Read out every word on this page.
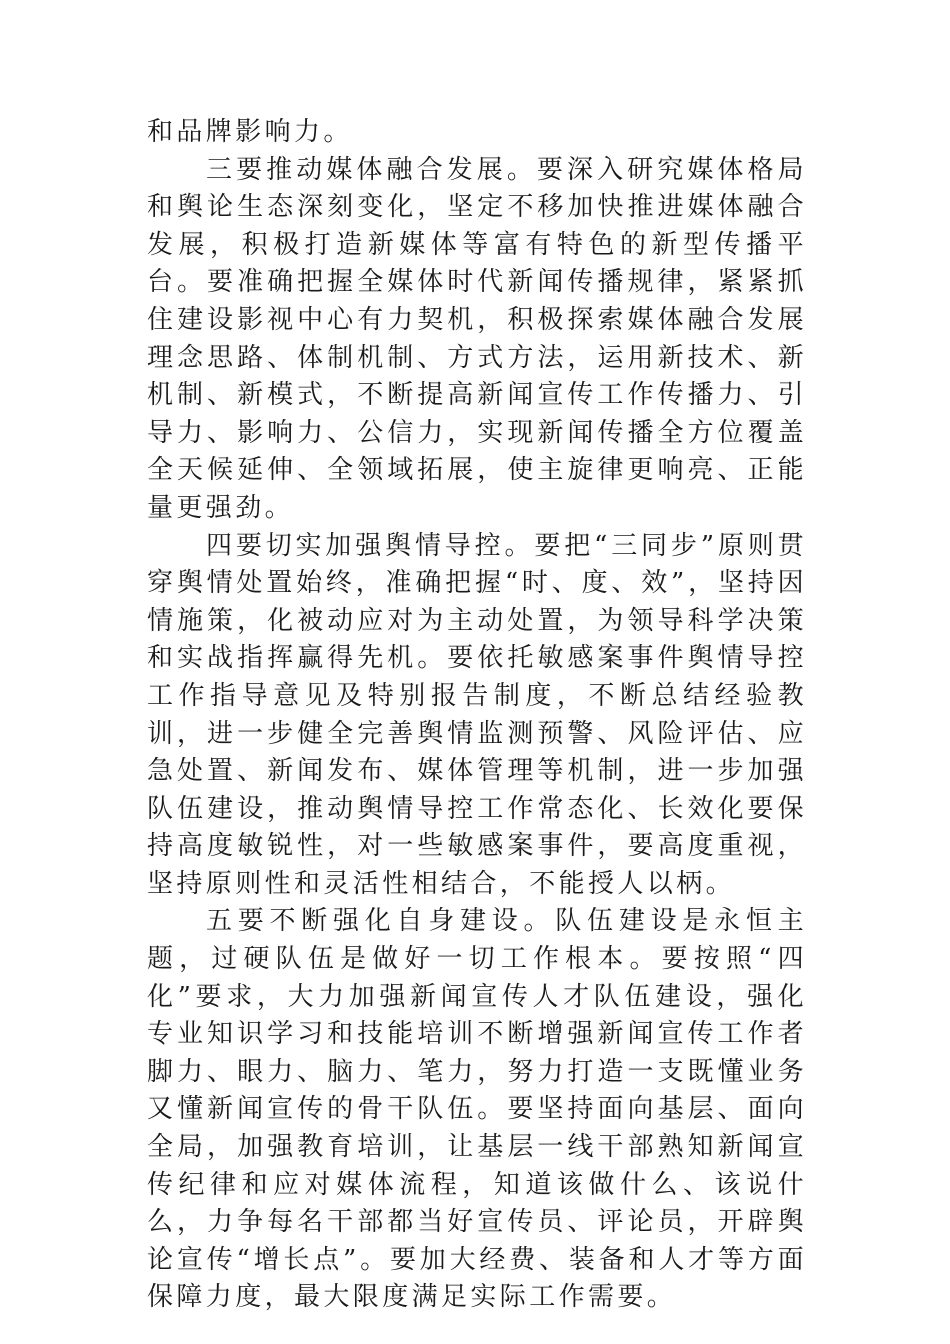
和品牌影响力。

三要推动媒体融合发展。要深入研究媒体格局和舆论生态深刻变化，坚定不移加快推进媒体融合发展，积极打造新媒体等富有特色的新型传播平台。要准确把握全媒体时代新闻传播规律，紧紧抓住建设影视中心有力契机，积极探索媒体融合发展理念思路、体制机制、方式方法，运用新技术、新机制、新模式，不断提高新闻宣传工作传播力、引导力、影响力、公信力，实现新闻传播全方位覆盖全天候延伸、全领域拓展，使主旋律更响亮、正能量更强劲。

四要切实加强舆情导控。要把“三同步”原则贯穿舆情处置始终，准确把握“时、度、效”，坚持因情施策，化被动应对为主动处置，为领导科学决策和实战指挥赢得先机。要依托敏感案事件舆情导控工作指导意见及特别报告制度，不断总结经验教训，进一步健全完善舆情监测预警、风险评估、应急处置、新闻发布、媒体管理等机制，进一步加强队伍建设，推动舆情导控工作常态化、长效化要保持高度敏锐性，对一些敏感案事件，要高度重视，坚持原则性和灵活性相结合，不能授人以柄。

五要不断强化自身建设。队伍建设是永恒主题，过硬队伍是做好一切工作根本。要按照“四化”要求，大力加强新闻宣传人才队伍建设，强化专业知识学习和技能培训不断增强新闻宣传工作者脚力、眼力、脑力、笔力，努力打造一支既懂业务又懂新闻宣传的骨干队伍。要坚持面向基层、面向全局，加强教育培训，让基层一线干部熟知新闻宣传纪律和应对媒体流程，知道该做什么、该说什么，力争每名干部都当好宣传员、评论员，开辟舆论宣传“增长点”。要加大经费、装备和人才等方面保障力度，最大限度满足实际工作需要。
